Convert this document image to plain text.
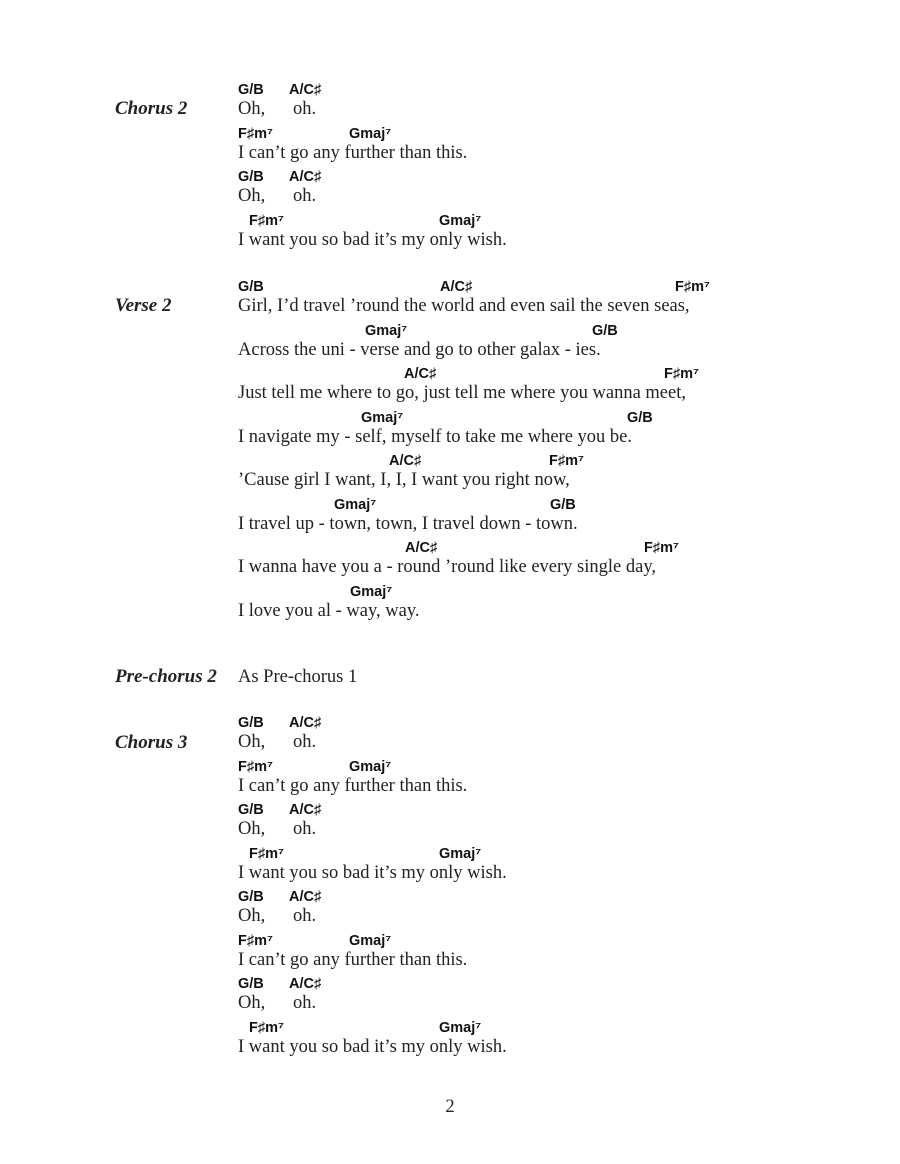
Chorus 2
G/B A/C♯
Oh,      oh.
F♯m⁷	Gmaj⁷
I can’t go any further than this.
G/B A/C♯
Oh,      oh.
F♯m⁷	Gmaj⁷
I want you so bad it’s my only wish.
Verse 2
G/B	A/C♯	F♯m⁷
Girl, I’d travel ’round the world and even sail the seven seas,
Gmaj⁷	G/B
Across the uni - verse and go to other galax - ies.
A/C♯	F♯m⁷
Just tell me where to go, just tell me where you wanna meet,
Gmaj⁷	G/B
I navigate my - self, myself to take me where you be.
A/C♯	F♯m⁷
’Cause girl I want, I, I, I want you right now,
Gmaj⁷	G/B
I travel up - town, town, I travel down - town.
A/C♯	F♯m⁷
I wanna have you a - round ’round like every single day,
Gmaj⁷
I love you al - way, way.
Pre-chorus 2 As Pre-chorus 1
Chorus 3
G/B A/C♯
Oh,      oh.
F♯m⁷	Gmaj⁷
I can’t go any further than this.
G/B A/C♯
Oh,      oh.
F♯m⁷	Gmaj⁷
I want you so bad it’s my only wish.
G/B A/C♯
Oh,      oh.
F♯m⁷	Gmaj⁷
I can’t go any further than this.
G/B A/C♯
Oh,      oh.
F♯m⁷	Gmaj⁷
I want you so bad it’s my only wish.
2
